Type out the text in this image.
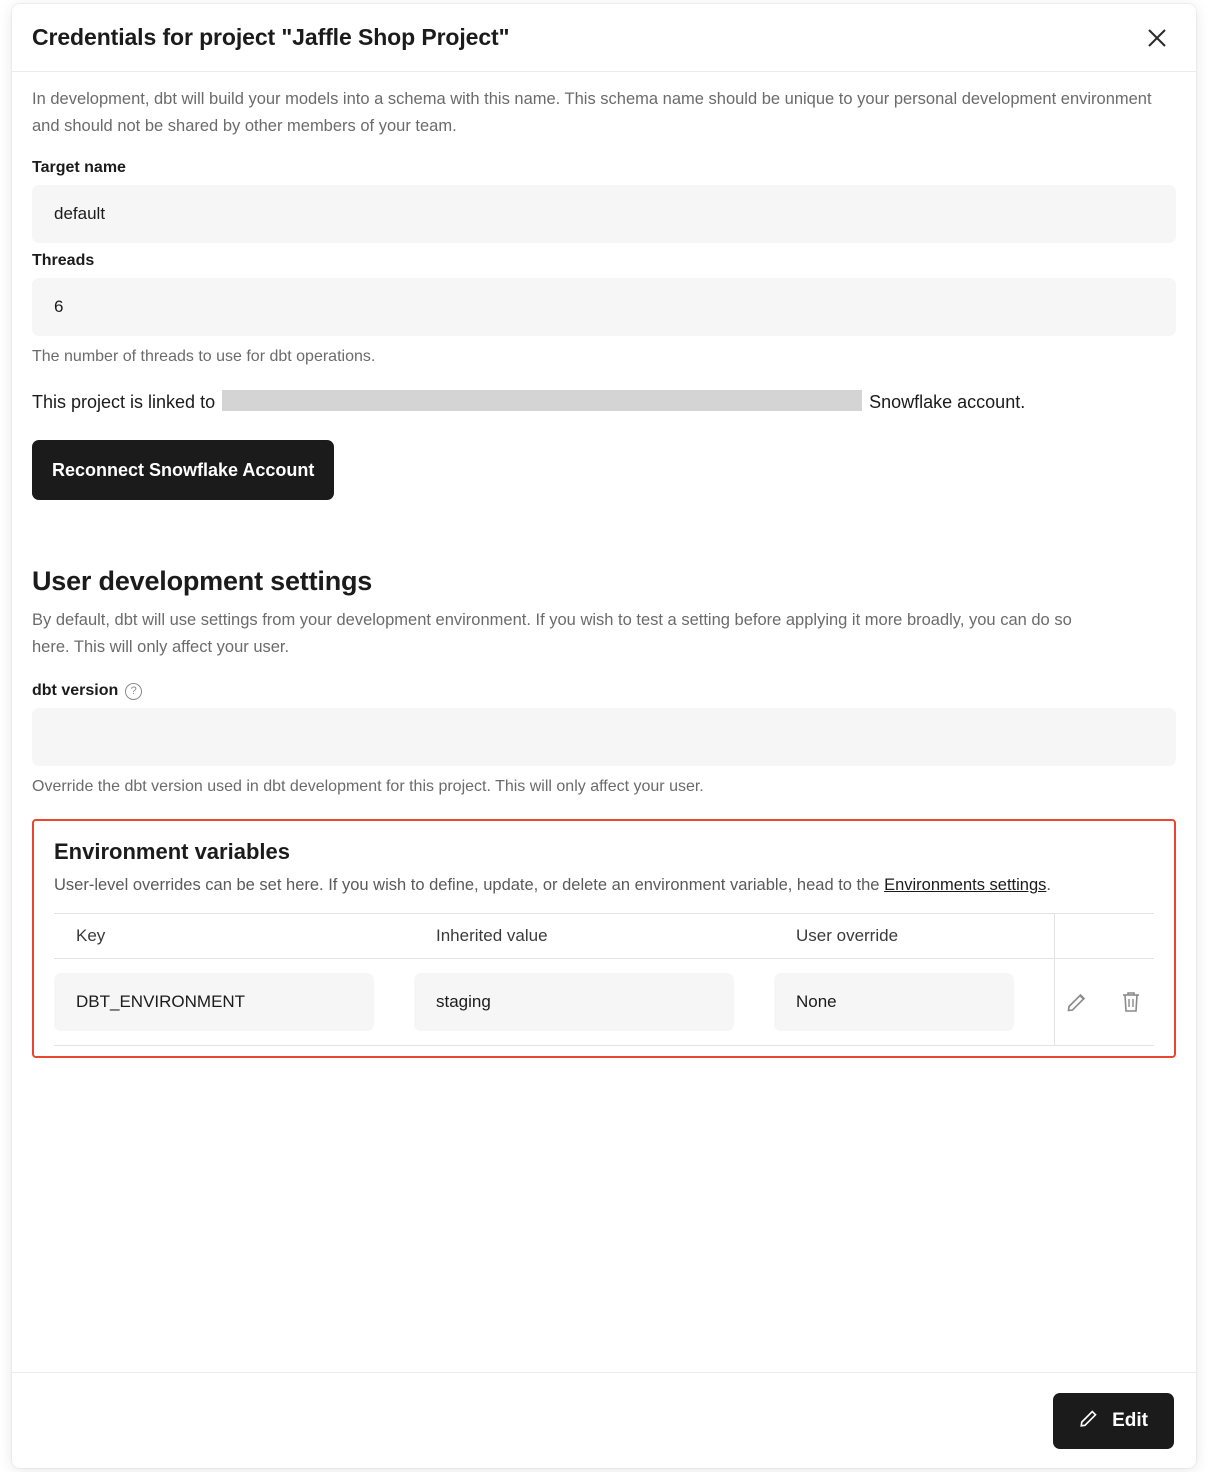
Credentials for project "Jaffle Shop Project"

In development, dbt will build your models into a schema with this name. This schema name should be unique to your personal development environment and should not be shared by other members of your team.

Target name
default
Threads
6

The number of threads to use for dbt operations.

This project is linked to	Snowflake account.

Reconnect Snowflake Account
User development settings

By default, dbt will use settings from your development environment. If you wish to test a setting before applying it more broadly, you can do so here. This will only affect your user.

dbt version	?

Override the dbt version used in dbt development for this project. This will only affect your user.

Environment variables

User-level overrides can be set here. If you wish to define, update, or delete an environment variable, head to the Environments settings.

Key	Inherited value	User override	

DBT_ENVIRONMENT	staging	None

Edit
